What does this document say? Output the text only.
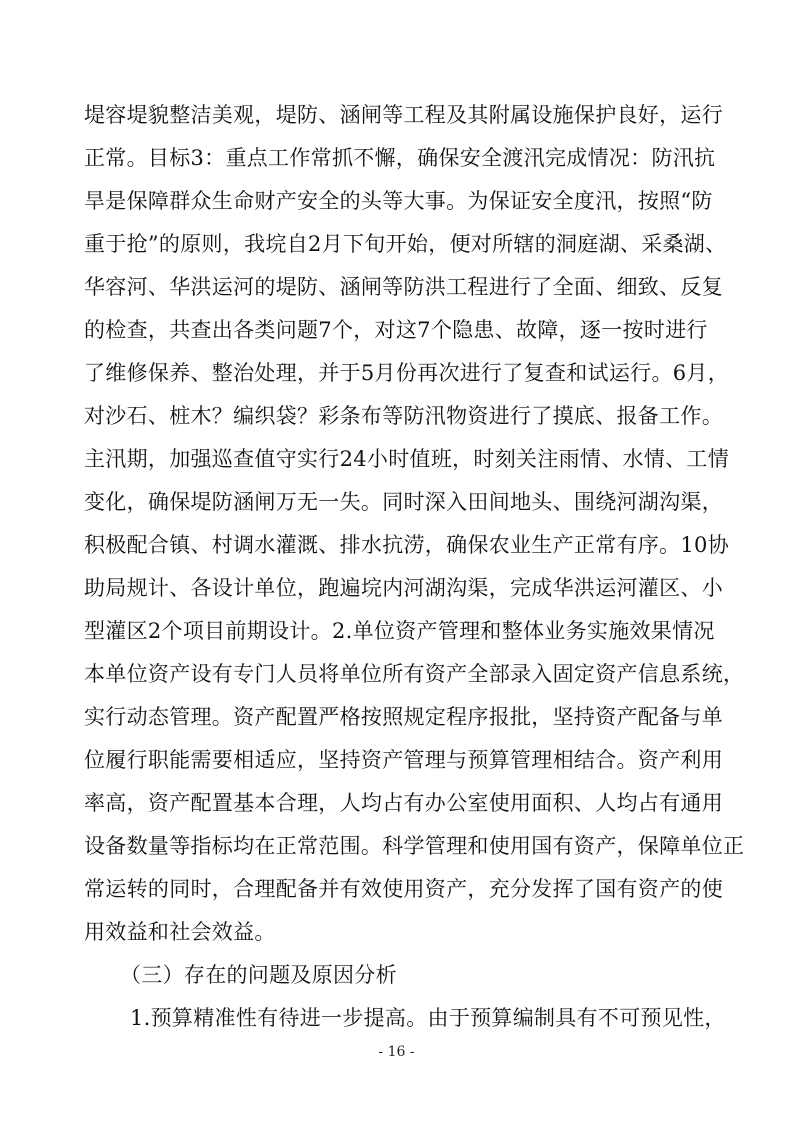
堤容堤貌整洁美观，堤防、涵闸等工程及其附属设施保护良好，运行
正常。目标3：重点工作常抓不懈，确保安全渡汛完成情况：防汛抗
旱是保障群众生命财产安全的头等大事。为保证安全度汛，按照“防
重于抢”的原则，我垸自2月下旬开始，便对所辖的洞庭湖、采桑湖、
华容河、华洪运河的堤防、涵闸等防洪工程进行了全面、细致、反复
的检查，共查出各类问题7个，对这7个隐患、故障，逐一按时进行
了维修保养、整治处理，并于5月份再次进行了复查和试运行。6月，
对沙石、桩木？编织袋？彩条布等防汛物资进行了摸底、报备工作。
主汛期，加强巡查值守实行24小时值班，时刻关注雨情、水情、工情
变化，确保堤防涵闸万无一失。同时深入田间地头、围绕河湖沟渠，
积极配合镇、村调水灌溉、排水抗涝，确保农业生产正常有序。10协
助局规计、各设计单位，跑遍垸内河湖沟渠，完成华洪运河灌区、小
型灌区2个项目前期设计。2.单位资产管理和整体业务实施效果情况
本单位资产设有专门人员将单位所有资产全部录入固定资产信息系统，
实行动态管理。资产配置严格按照规定程序报批，坚持资产配备与单
位履行职能需要相适应，坚持资产管理与预算管理相结合。资产利用
率高，资产配置基本合理，人均占有办公室使用面积、人均占有通用
设备数量等指标均在正常范围。科学管理和使用国有资产，保障单位正
常运转的同时，合理配备并有效使用资产，充分发挥了国有资产的使
用效益和社会效益。
（三）存在的问题及原因分析
1.预算精准性有待进一步提高。由于预算编制具有不可预见性，
- 16 -
